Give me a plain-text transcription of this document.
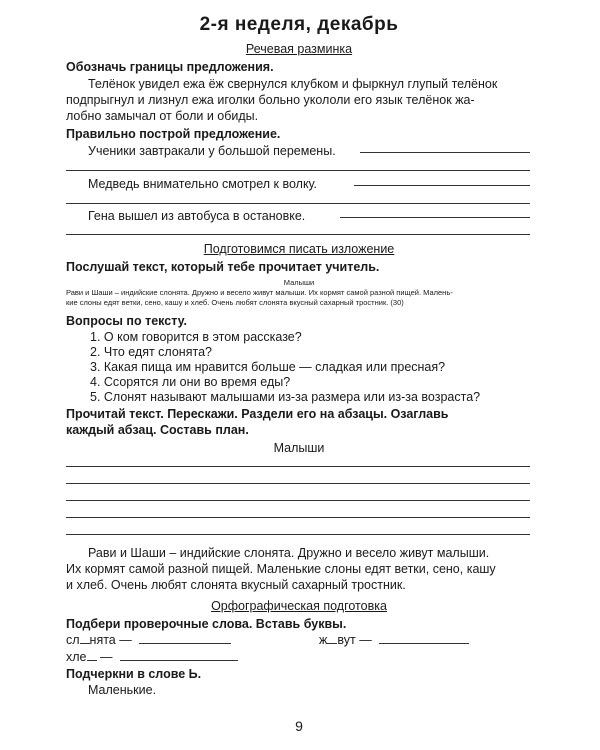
2-я неделя, декабрь
Речевая разминка
Обозначь границы предложения.
Телёнок увидел ежа ёж свернулся клубком и фыркнул глупый телёнок
подпрыгнул и лизнул ежа иголки больно укололи его язык телёнок жа-
лобно замычал от боли и обиды.
Правильно построй предложение.
Ученики завтракали у большой перемены.
Медведь внимательно смотрел к волку.
Гена вышел из автобуса в остановке.
Подготовимся писать изложение
Послушай текст, который тебе прочитает учитель.
Малыши
Рави и Шаши – индийские слонята. Дружно и весело живут малыши. Их кормят самой разной пищей. Малень-
кие слоны едят ветки, сено, кашу и хлеб. Очень любят слонята вкусный сахарный тростник. (30)
Вопросы по тексту.
1. О ком говорится в этом рассказе?
2. Что едят слонята?
3. Какая пища им нравится больше — сладкая или пресная?
4. Ссорятся ли они во время еды?
5. Слонят называют малышами из-за размера или из-за возраста?
Прочитай текст. Перескажи. Раздели его на абзацы. Озаглавь
каждый абзац. Составь план.
Малыши
Рави и Шаши – индийские слонята. Дружно и весело живут малыши.
Их кормят самой разной пищей. Маленькие слоны едят ветки, сено, кашу
и хлеб. Очень любят слонята вкусный сахарный тростник.
Орфографическая подготовка
Подбери проверочные слова. Вставь буквы.
сл нята —	ж вут —
хле —
Подчеркни в слове Ь.
Маленькие.
9
